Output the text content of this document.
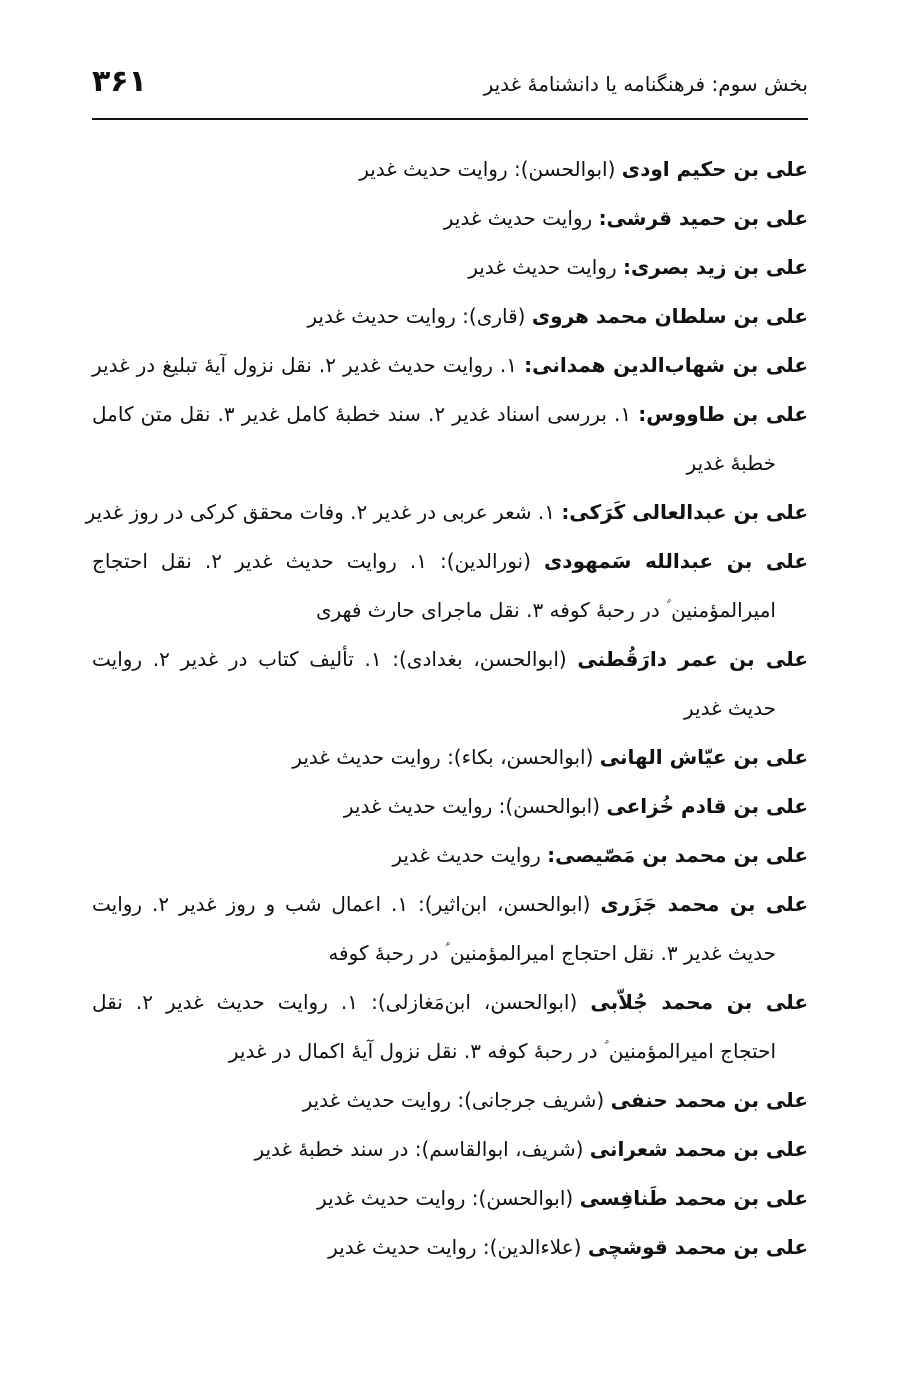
بخش سوم: فرهنگنامه یا دانشنامۀ غدیر
۳۶۱
علی بن حکیم اودی (ابوالحسن): روایت حدیث غدیر
علی بن حمید قرشی: روایت حدیث غدیر
علی بن زید بصری: روایت حدیث غدیر
علی بن سلطان محمد هروی (قاری): روایت حدیث غدیر
علی بن شهاب‌الدین همدانی: ۱. روایت حدیث غدیر ۲. نقل نزول آیۀ تبلیغ در غدیر
علی بن طاووس: ۱. بررسی اسناد غدیر ۲. سند خطبۀ کامل غدیر ۳. نقل متن کامل
خطبۀ غدیر
علی بن عبدالعالی کَرَکی: ۱. شعر عربی در غدیر ۲. وفات محقق کرکی در روز غدیر
علی بن عبدالله سَمهودی (نورالدین): ۱. روایت حدیث غدیر ۲. نقل احتجاج
امیرالمؤمنین ؑ در رحبۀ کوفه ۳. نقل ماجرای حارث فهری
علی بن عمر دارَقُطنی (ابوالحسن، بغدادی): ۱. تألیف کتاب در غدیر ۲. روایت
حدیث غدیر
علی بن عیّاش الهانی (ابوالحسن، بکاء): روایت حدیث غدیر
علی بن قادم خُزاعی (ابوالحسن): روایت حدیث غدیر
علی بن محمد بن مَصّیصی: روایت حدیث غدیر
علی بن محمد جَزَری (ابوالحسن، ابن‌اثیر): ۱. اعمال شب و روز غدیر ۲. روایت
حدیث غدیر ۳. نقل احتجاج امیرالمؤمنین ؑ در رحبۀ کوفه
علی بن محمد جُلاّبی (ابوالحسن، ابن‌مَغازلی): ۱. روایت حدیث غدیر ۲. نقل
احتجاج امیرالمؤمنین ؑ در رحبۀ کوفه ۳. نقل نزول آیۀ اکمال در غدیر
علی بن محمد حنفی (شریف جرجانی): روایت حدیث غدیر
علی بن محمد شعرانی (شریف، ابوالقاسم): در سند خطبۀ غدیر
علی بن محمد طَنافِسی (ابوالحسن): روایت حدیث غدیر
علی بن محمد قوشچی (علاءالدین): روایت حدیث غدیر
